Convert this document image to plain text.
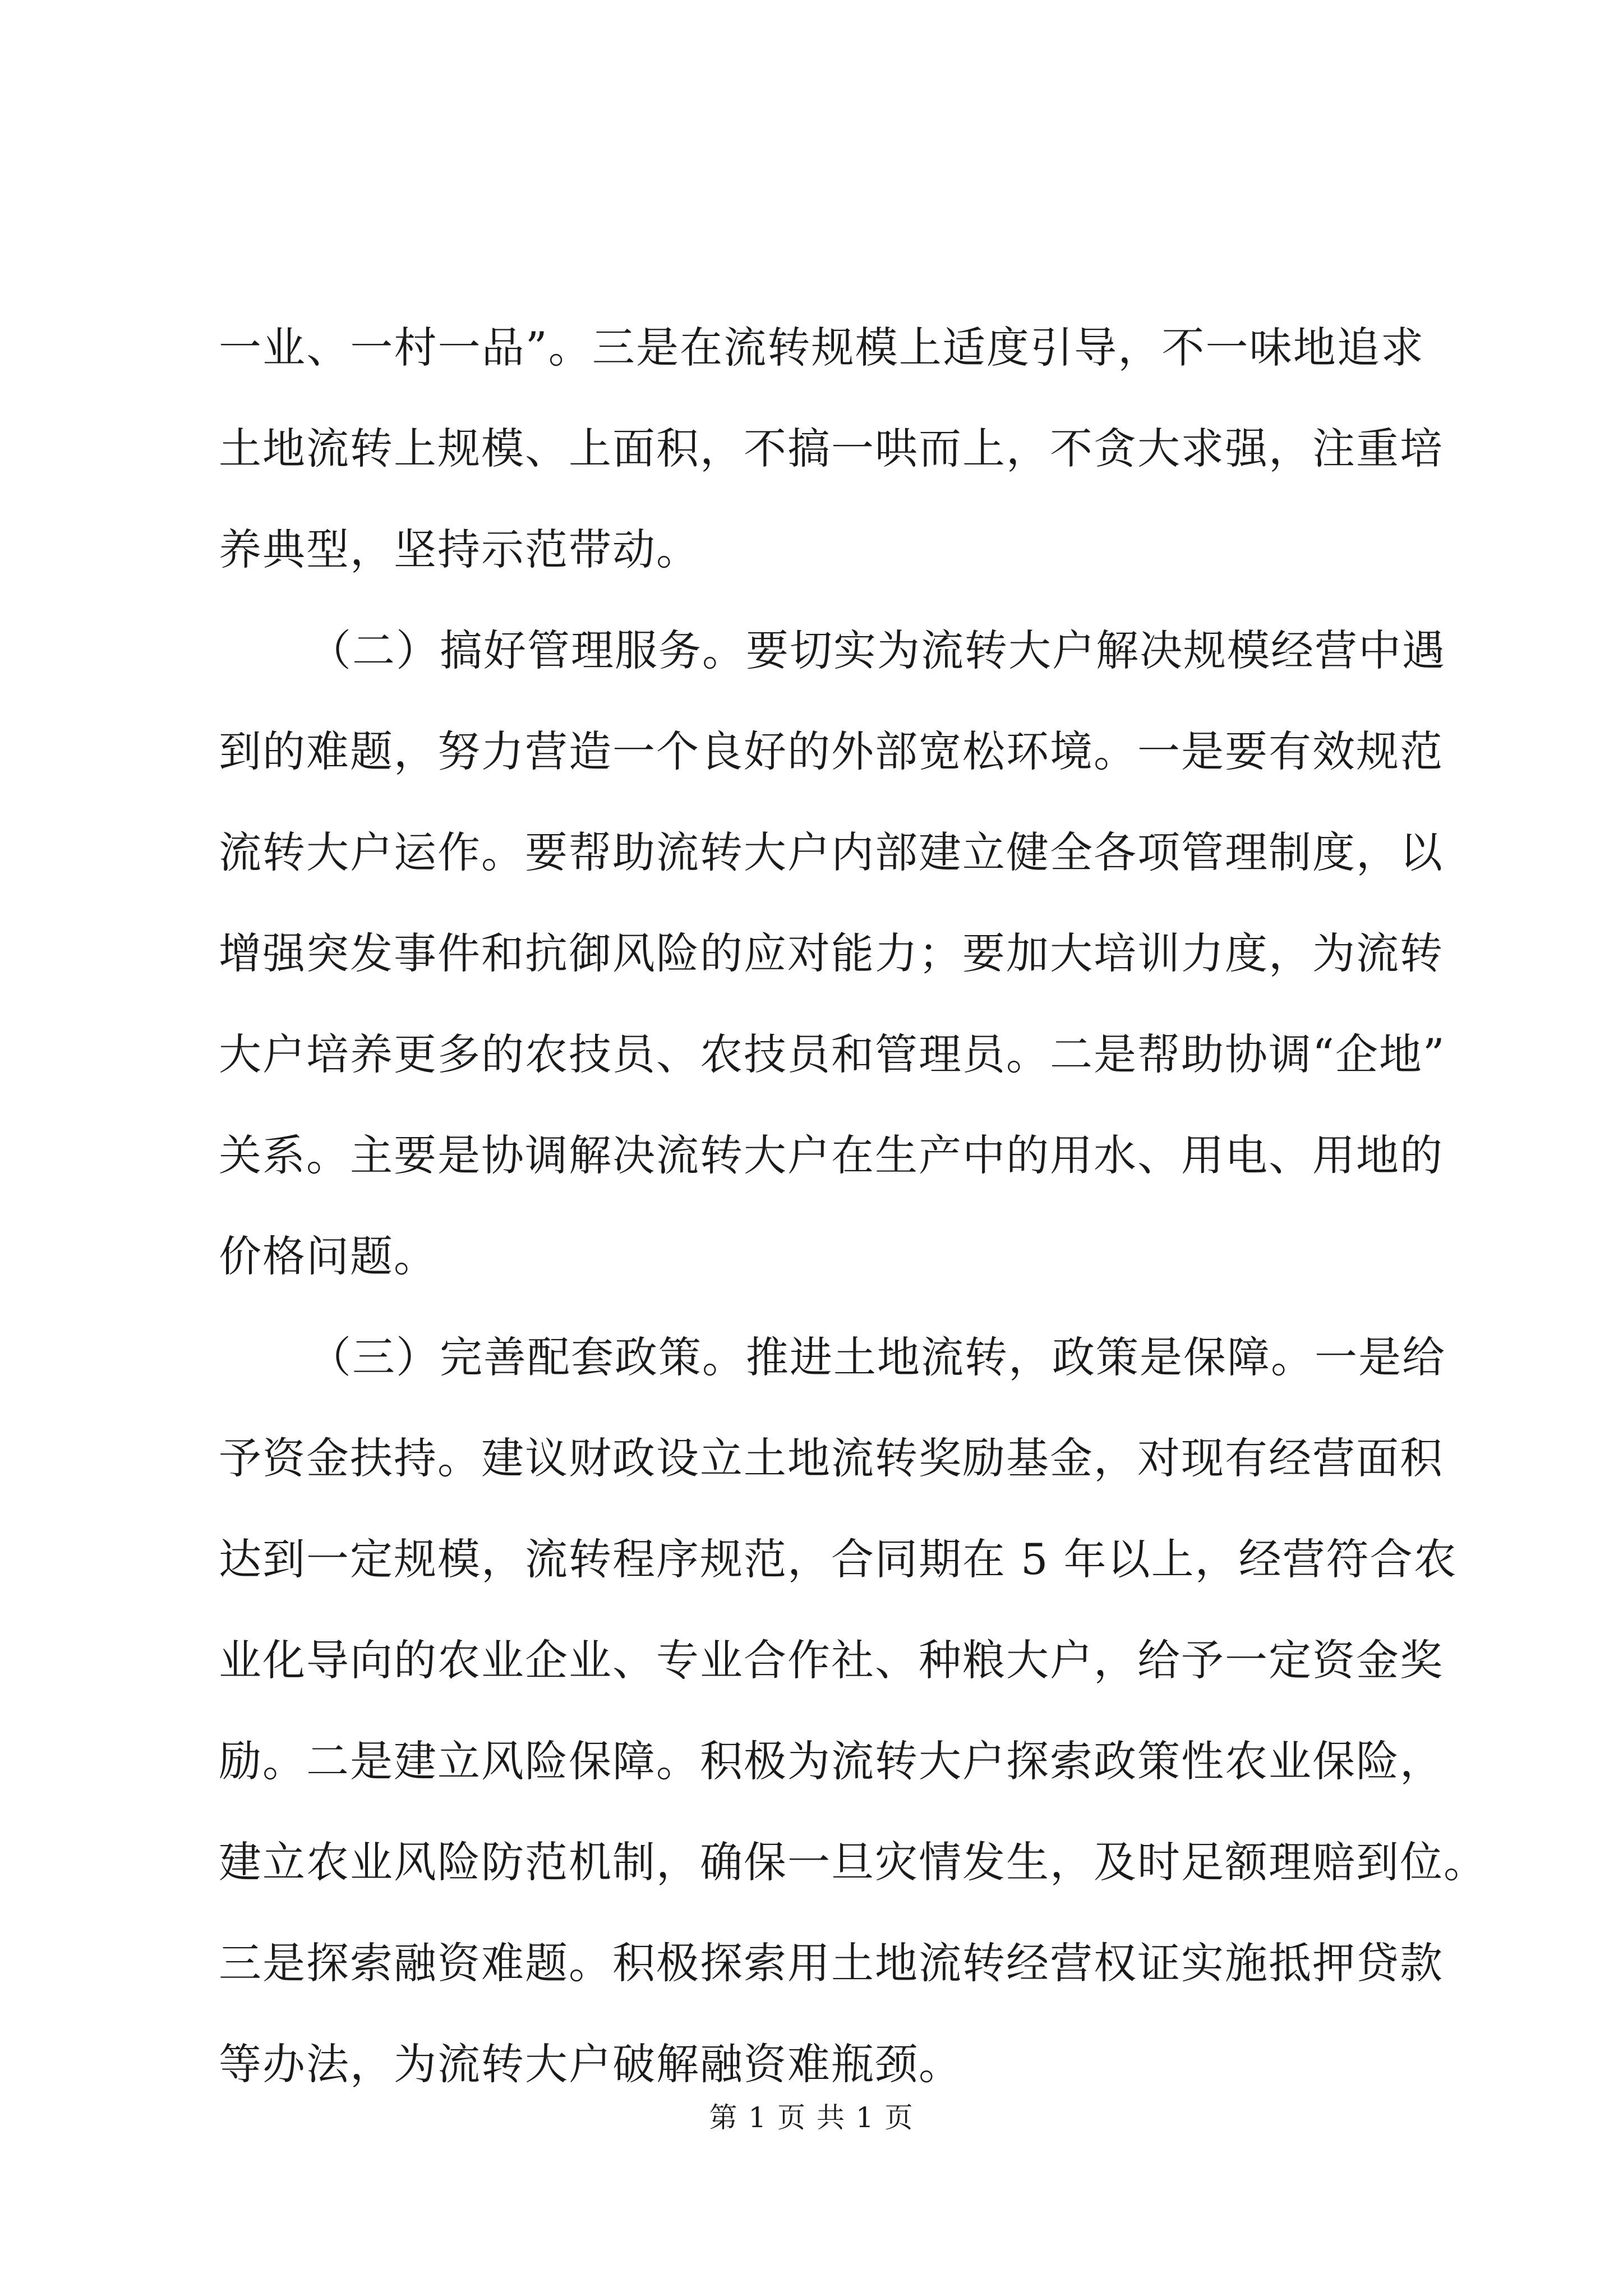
一业、一村一品”。三是在流转规模上适度引导，不一味地追求
土地流转上规模、上面积，不搞一哄而上，不贪大求强，注重培
养典型，坚持示范带动。
（二）搞好管理服务。要切实为流转大户解决规模经营中遇
到的难题，努力营造一个良好的外部宽松环境。一是要有效规范
流转大户运作。要帮助流转大户内部建立健全各项管理制度，以
增强突发事件和抗御风险的应对能力；要加大培训力度，为流转
大户培养更多的农技员、农技员和管理员。二是帮助协调“企地”
关系。主要是协调解决流转大户在生产中的用水、用电、用地的
价格问题。
（三）完善配套政策。推进土地流转，政策是保障。一是给
予资金扶持。建议财政设立土地流转奖励基金，对现有经营面积
达到一定规模，流转程序规范，合同期在 5 年以上，经营符合农
业化导向的农业企业、专业合作社、种粮大户，给予一定资金奖
励。二是建立风险保障。积极为流转大户探索政策性农业保险，
建立农业风险防范机制，确保一旦灾情发生，及时足额理赔到位。
三是探索融资难题。积极探索用土地流转经营权证实施抵押贷款
等办法，为流转大户破解融资难瓶颈。
第 1 页 共 1 页
